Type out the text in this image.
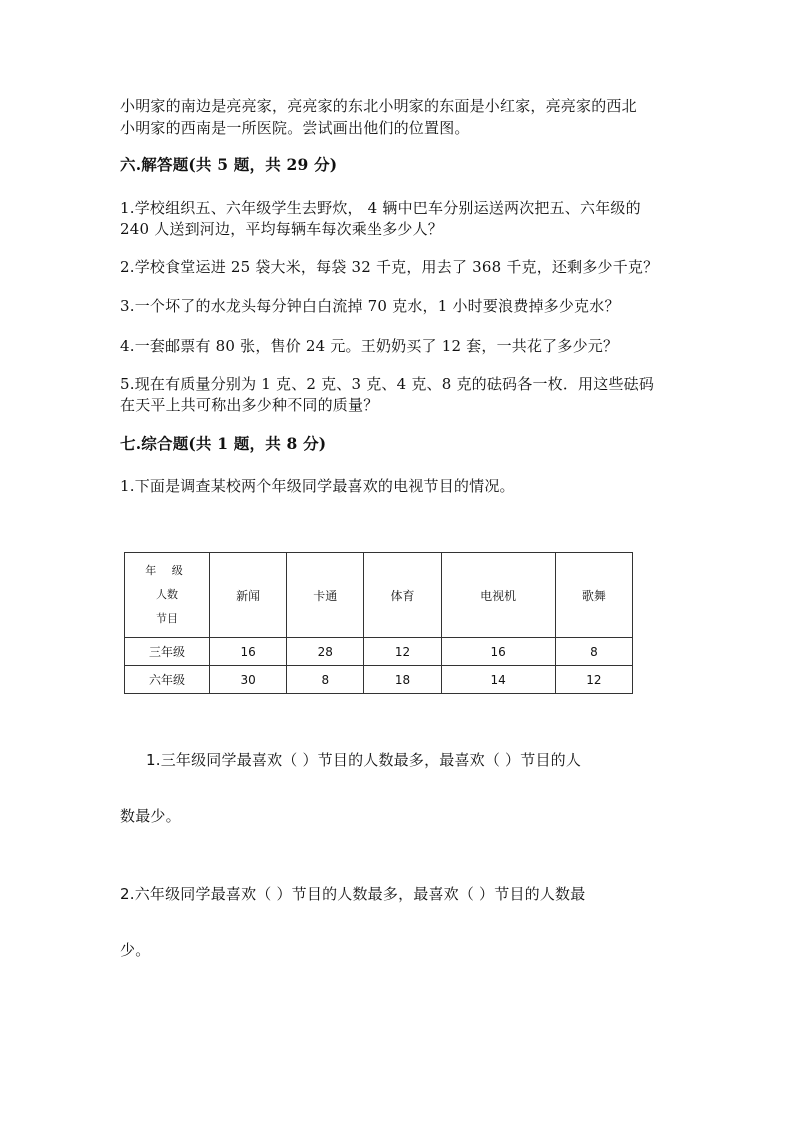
小明家的南边是亮亮家，亮亮家的东北小明家的东面是小红家，亮亮家的西北
小明家的西南是一所医院。尝试画出他们的位置图。
六.解答题(共 5 题，共 29 分)
1.学校组织五、六年级学生去野炊， 4 辆中巴车分别运送两次把五、六年级的
240 人送到河边，平均每辆车每次乘坐多少人？
2.学校食堂运进 25 袋大米，每袋 32 千克，用去了 368 千克，还剩多少千克？
3.一个坏了的水龙头每分钟白白流掉 70 克水，1 小时要浪费掉多少克水？
4.一套邮票有 80 张，售价 24 元。王奶奶买了 12 套，一共花了多少元？
5.现在有质量分别为 1 克、2 克、3 克、4 克、8 克的砝码各一枚．用这些砝码
在天平上共可称出多少种不同的质量？
七.综合题(共 1 题，共 8 分)
1.下面是调查某校两个年级同学最喜欢的电视节目的情况。
年 级
人数
节目	新闻	卡通	体育	电视机	歌舞
三年级	16	28	12	16	8
六年级	30	8	18	14	12
1.三年级同学最喜欢（ ）节目的人数最多，最喜欢（ ）节目的人
数最少。
2.六年级同学最喜欢（ ）节目的人数最多，最喜欢（ ）节目的人数最
少。
